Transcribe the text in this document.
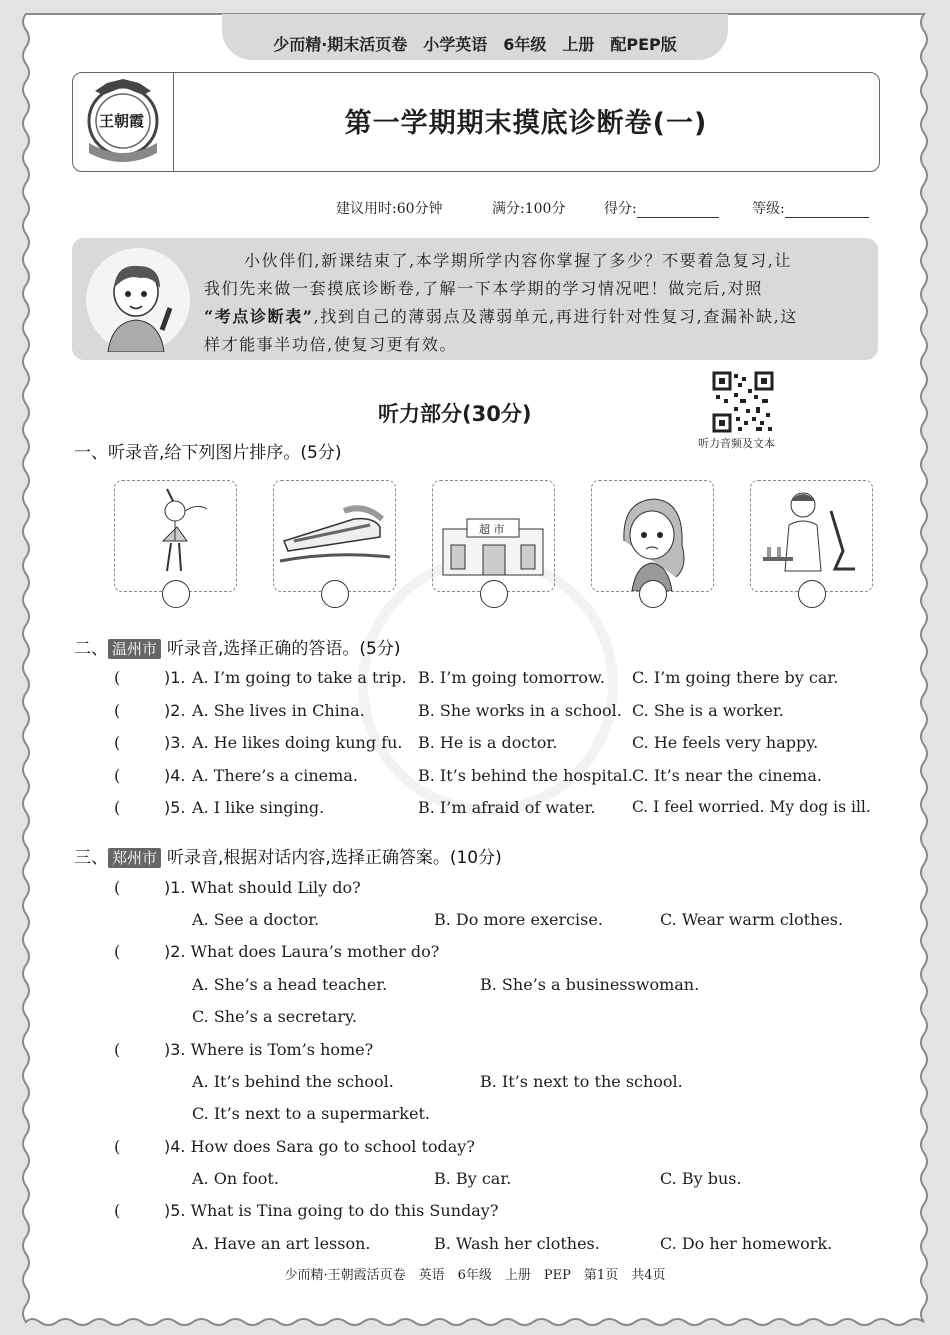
少而精·期末活页卷　小学英语　6年级　上册　配PEP版
王朝霞	第一学期期末摸底诊断卷(一)
建议用时:60分钟	满分:100分	得分:	等级:
小伙伴们,新课结束了,本学期所学内容你掌握了多少？不要着急复习,让
我们先来做一套摸底诊断卷,了解一下本学期的学习情况吧！做完后,对照
“考点诊断表”,找到自己的薄弱点及薄弱单元,再进行针对性复习,查漏补缺,这
样才能事半功倍,使复习更有效。
听力部分(30分)
听力音频及文本
一、听录音,给下列图片排序。(5分)
超 市
二、 温州市 听录音,选择正确的答语。(5分)
(	)1. A. I’m going to take a trip. B. I’m going tomorrow. C. I’m going there by car.
(	)2. A. She lives in China.	B. She works in a school. C. She is a worker.
(	)3. A. He likes doing kung fu. B. He is a doctor.	C. He feels very happy.
(	)4. A. There’s a cinema.	B. It’s behind the hospital. C. It’s near the cinema.
(	)5. A. I like singing.	B. I’m afraid of water. C. I feel worried. My dog is ill.
三、 郑州市 听录音,根据对话内容,选择正确答案。(10分)
(	)1. What should Lily do?
A. See a doctor.	B. Do more exercise.	C. Wear warm clothes.
(	)2. What does Laura’s mother do?
A. She’s a head teacher.	B. She’s a businesswoman.
C. She’s a secretary.
(	)3. Where is Tom’s home?
A. It’s behind the school.	B. It’s next to the school.
C. It’s next to a supermarket.
(	)4. How does Sara go to school today?
A. On foot.	B. By car.	C. By bus.
(	)5. What is Tina going to do this Sunday?
A. Have an art lesson.	B. Wash her clothes.	C. Do her homework.
少而精·王朝霞活页卷　英语　6年级　上册　PEP　第1页　共4页
